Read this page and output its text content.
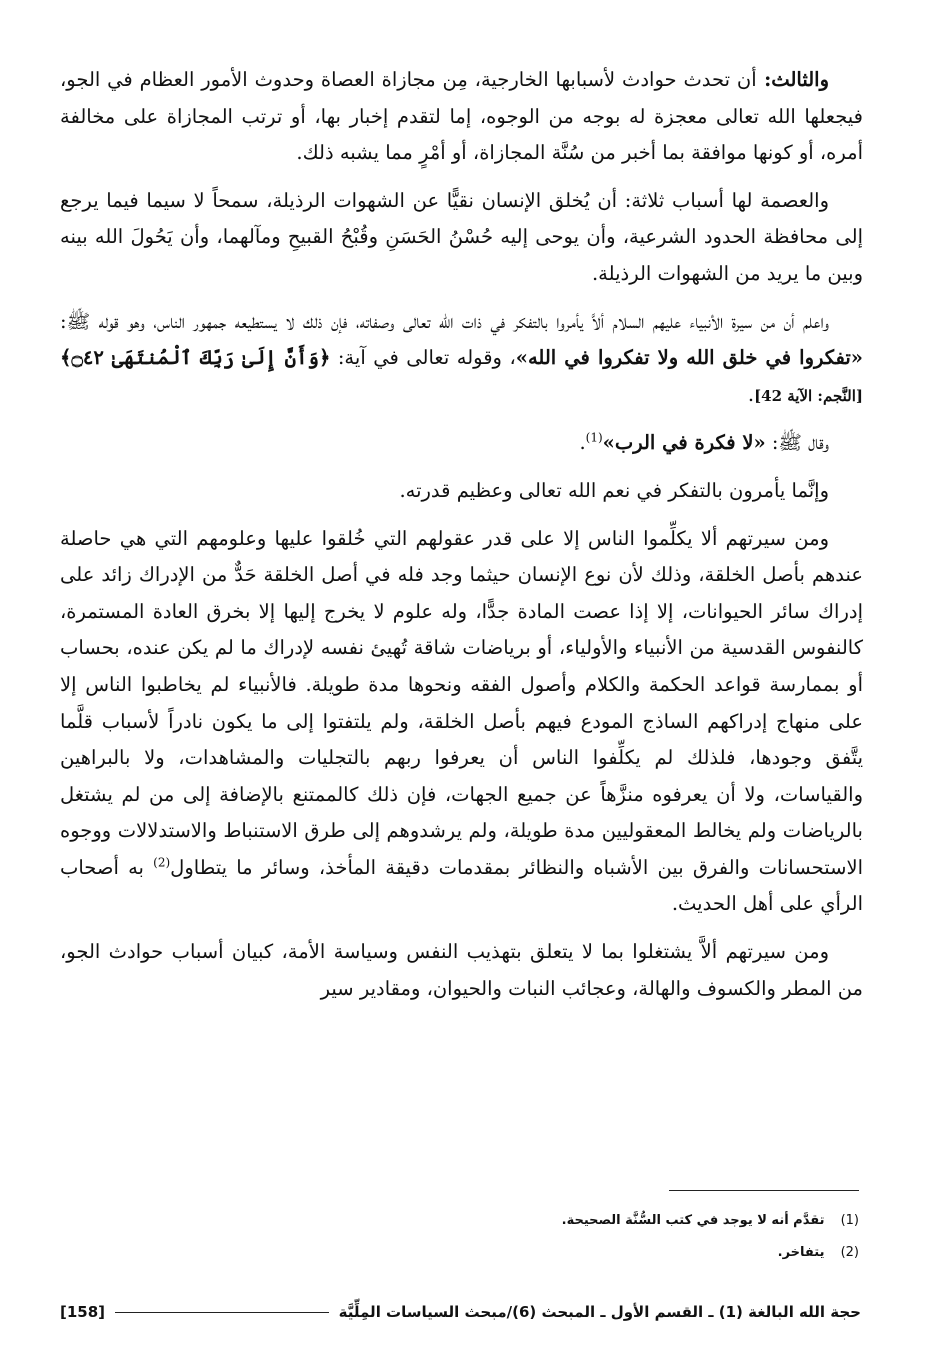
والثالث: أن تحدث حوادث لأسبابها الخارجية، مِن مجازاة العصاة وحدوث الأمور العظام في الجو، فيجعلها الله تعالى معجزة له بوجه من الوجوه، إما لتقدم إخبار بها، أو ترتب المجازاة على مخالفة أمره، أو كونها موافقة بما أخبر من سُنَّة المجازاة، أو أمْرٍ مما يشبه ذلك.

والعصمة لها أسباب ثلاثة: أن يُخلق الإنسان نقيًّا عن الشهوات الرذيلة، سمحاً لا سيما فيما يرجع إلى محافظة الحدود الشرعية، وأن يوحى إليه حُسْنُ الحَسَنِ وقُبْحُ القبيحِ ومآلهما، وأن يَحُولَ الله بينه وبين ما يريد من الشهوات الرذيلة.

واعلم أن من سيرة الأنبياء عليهم السلام ألاَّ يأمروا بالتفكر في ذات الله تعالى وصفاته، فإن ذلك لا يستطيعه جمهور الناس، وهو قوله ﷺ: «تفكروا في خلق الله ولا تفكروا في الله»، وقوله تعالى في آية: ﴿وَأَنَّ إِلَىٰ رَبِّكَ ٱلْمُنتَهَىٰ ۝٤٢﴾ [النَّجم: الآية 42].

وقال ﷺ: «لا فكرة في الرب»$^{(1)}$.

وإنَّما يأمرون بالتفكر في نعم الله تعالى وعظيم قدرته.

ومن سيرتهم ألا يكلِّموا الناس إلا على قدر عقولهم التي خُلقوا عليها وعلومهم التي هي حاصلة عندهم بأصل الخلقة، وذلك لأن نوع الإنسان حيثما وجد فله في أصل الخلقة حَدٌّ من الإدراك زائد على إدراك سائر الحيوانات، إلا إذا عصت المادة جدًّا، وله علوم لا يخرج إليها إلا بخرق العادة المستمرة، كالنفوس القدسية من الأنبياء والأولياء، أو برياضات شاقة تُهيئ نفسه لإدراك ما لم يكن عنده، بحساب أو بممارسة قواعد الحكمة والكلام وأصول الفقه ونحوها مدة طويلة. فالأنبياء لم يخاطبوا الناس إلا على منهاج إدراكهم الساذج المودع فيهم بأصل الخلقة، ولم يلتفتوا إلى ما يكون نادراً لأسباب قلَّما يتَّفق وجودها، فلذلك لم يكلِّفوا الناس أن يعرفوا ربهم بالتجليات والمشاهدات، ولا بالبراهين والقياسات، ولا أن يعرفوه منزَّهاً عن جميع الجهات، فإن ذلك كالممتنع بالإضافة إلى من لم يشتغل بالرياضات ولم يخالط المعقوليين مدة طويلة، ولم يرشدوهم إلى طرق الاستنباط والاستدلالات ووجوه الاستحسانات والفرق بين الأشباه والنظائر بمقدمات دقيقة المأخذ، وسائر ما يتطاول$^{(2)}$ به أصحاب الرأي على أهل الحديث.

ومن سيرتهم ألاَّ يشتغلوا بما لا يتعلق بتهذيب النفس وسياسة الأمة، كبيان أسباب حوادث الجو، من المطر والكسوف والهالة، وعجائب النبات والحيوان، ومقادير سير

(1) تقدَّم أنه لا يوجد في كتب السُّنَّة الصحيحة.
(2) يتفاخر.
حجة الله البالغة (1) ـ القسم الأول ـ المبحث (6)/مبحث السياسات المِلِّيَّة
[158]
